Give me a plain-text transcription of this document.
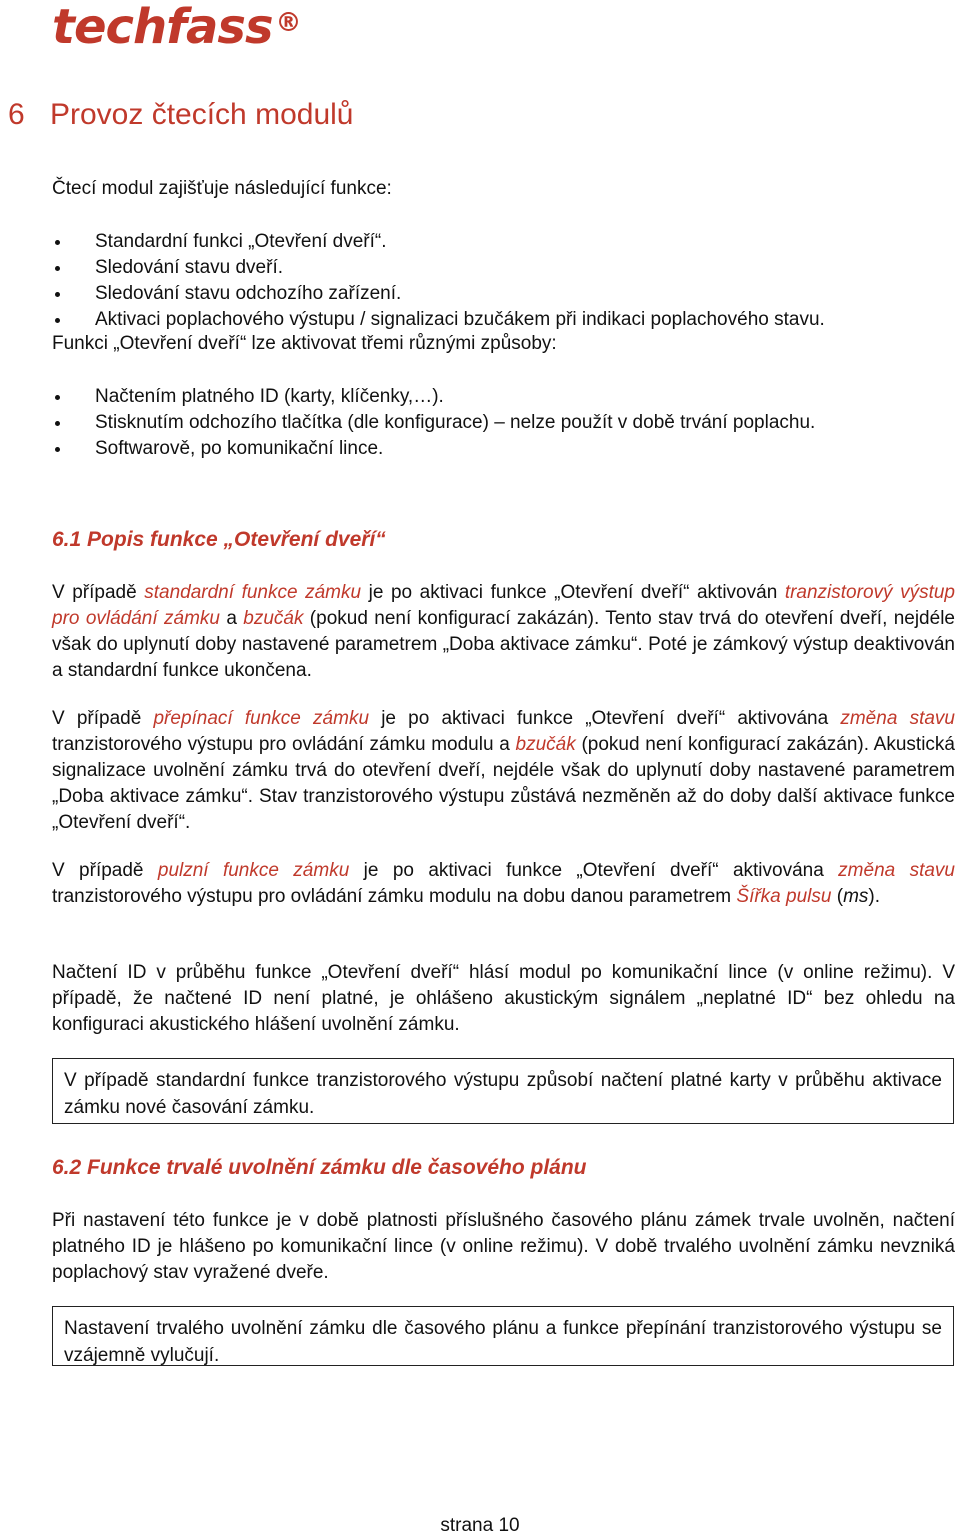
techfass ®
6 Provoz čtecích modulů
Čtecí modul zajišťuje následující funkce:
Standardní funkci „Otevření dveří“.
Sledování stavu dveří.
Sledování stavu odchozího zařízení.
Aktivaci poplachového výstupu / signalizaci bzučákem při indikaci poplachového stavu.
Funkci „Otevření dveří“ lze aktivovat třemi různými způsoby:
Načtením platného ID (karty, klíčenky,…).
Stisknutím odchozího tlačítka (dle konfigurace) – nelze použít v době trvání poplachu.
Softwarově, po komunikační lince.
6.1 Popis funkce „Otevření dveří“
V případě standardní funkce zámku je po aktivaci funkce „Otevření dveří“ aktivován tranzistorový výstup pro ovládání zámku a bzučák (pokud není konfigurací zakázán). Tento stav trvá do otevření dveří, nejdéle však do uplynutí doby nastavené parametrem „Doba aktivace zámku“. Poté je zámkový výstup deaktivován a standardní funkce ukončena.
V případě přepínací funkce zámku je po aktivaci funkce „Otevření dveří“ aktivována změna stavu tranzistorového výstupu pro ovládání zámku modulu a bzučák (pokud není konfigurací zakázán). Akustická signalizace uvolnění zámku trvá do otevření dveří, nejdéle však do uplynutí doby nastavené parametrem „Doba aktivace zámku“. Stav tranzistorového výstupu zůstává nezměněn až do doby další aktivace funkce „Otevření dveří“.
V případě pulzní funkce zámku je po aktivaci funkce „Otevření dveří“ aktivována změna stavu tranzistorového výstupu pro ovládání zámku modulu na dobu danou parametrem Šířka pulsu (ms).
Načtení ID v průběhu funkce „Otevření dveří“ hlásí modul po komunikační lince (v online režimu). V případě, že načtené ID není platné, je ohlášeno akustickým signálem „neplatné ID“ bez ohledu na konfiguraci akustického hlášení uvolnění zámku.
V případě standardní funkce tranzistorového výstupu způsobí načtení platné karty v průběhu aktivace zámku nové časování zámku.
6.2 Funkce trvalé uvolnění zámku dle časového plánu
Při nastavení této funkce je v době platnosti příslušného časového plánu zámek trvale uvolněn, načtení platného ID je hlášeno po komunikační lince (v online režimu). V době trvalého uvolnění zámku nevzniká poplachový stav vyražené dveře.
Nastavení trvalého uvolnění zámku dle časového plánu a funkce přepínání tranzistorového výstupu se vzájemně vylučují.
strana 10
